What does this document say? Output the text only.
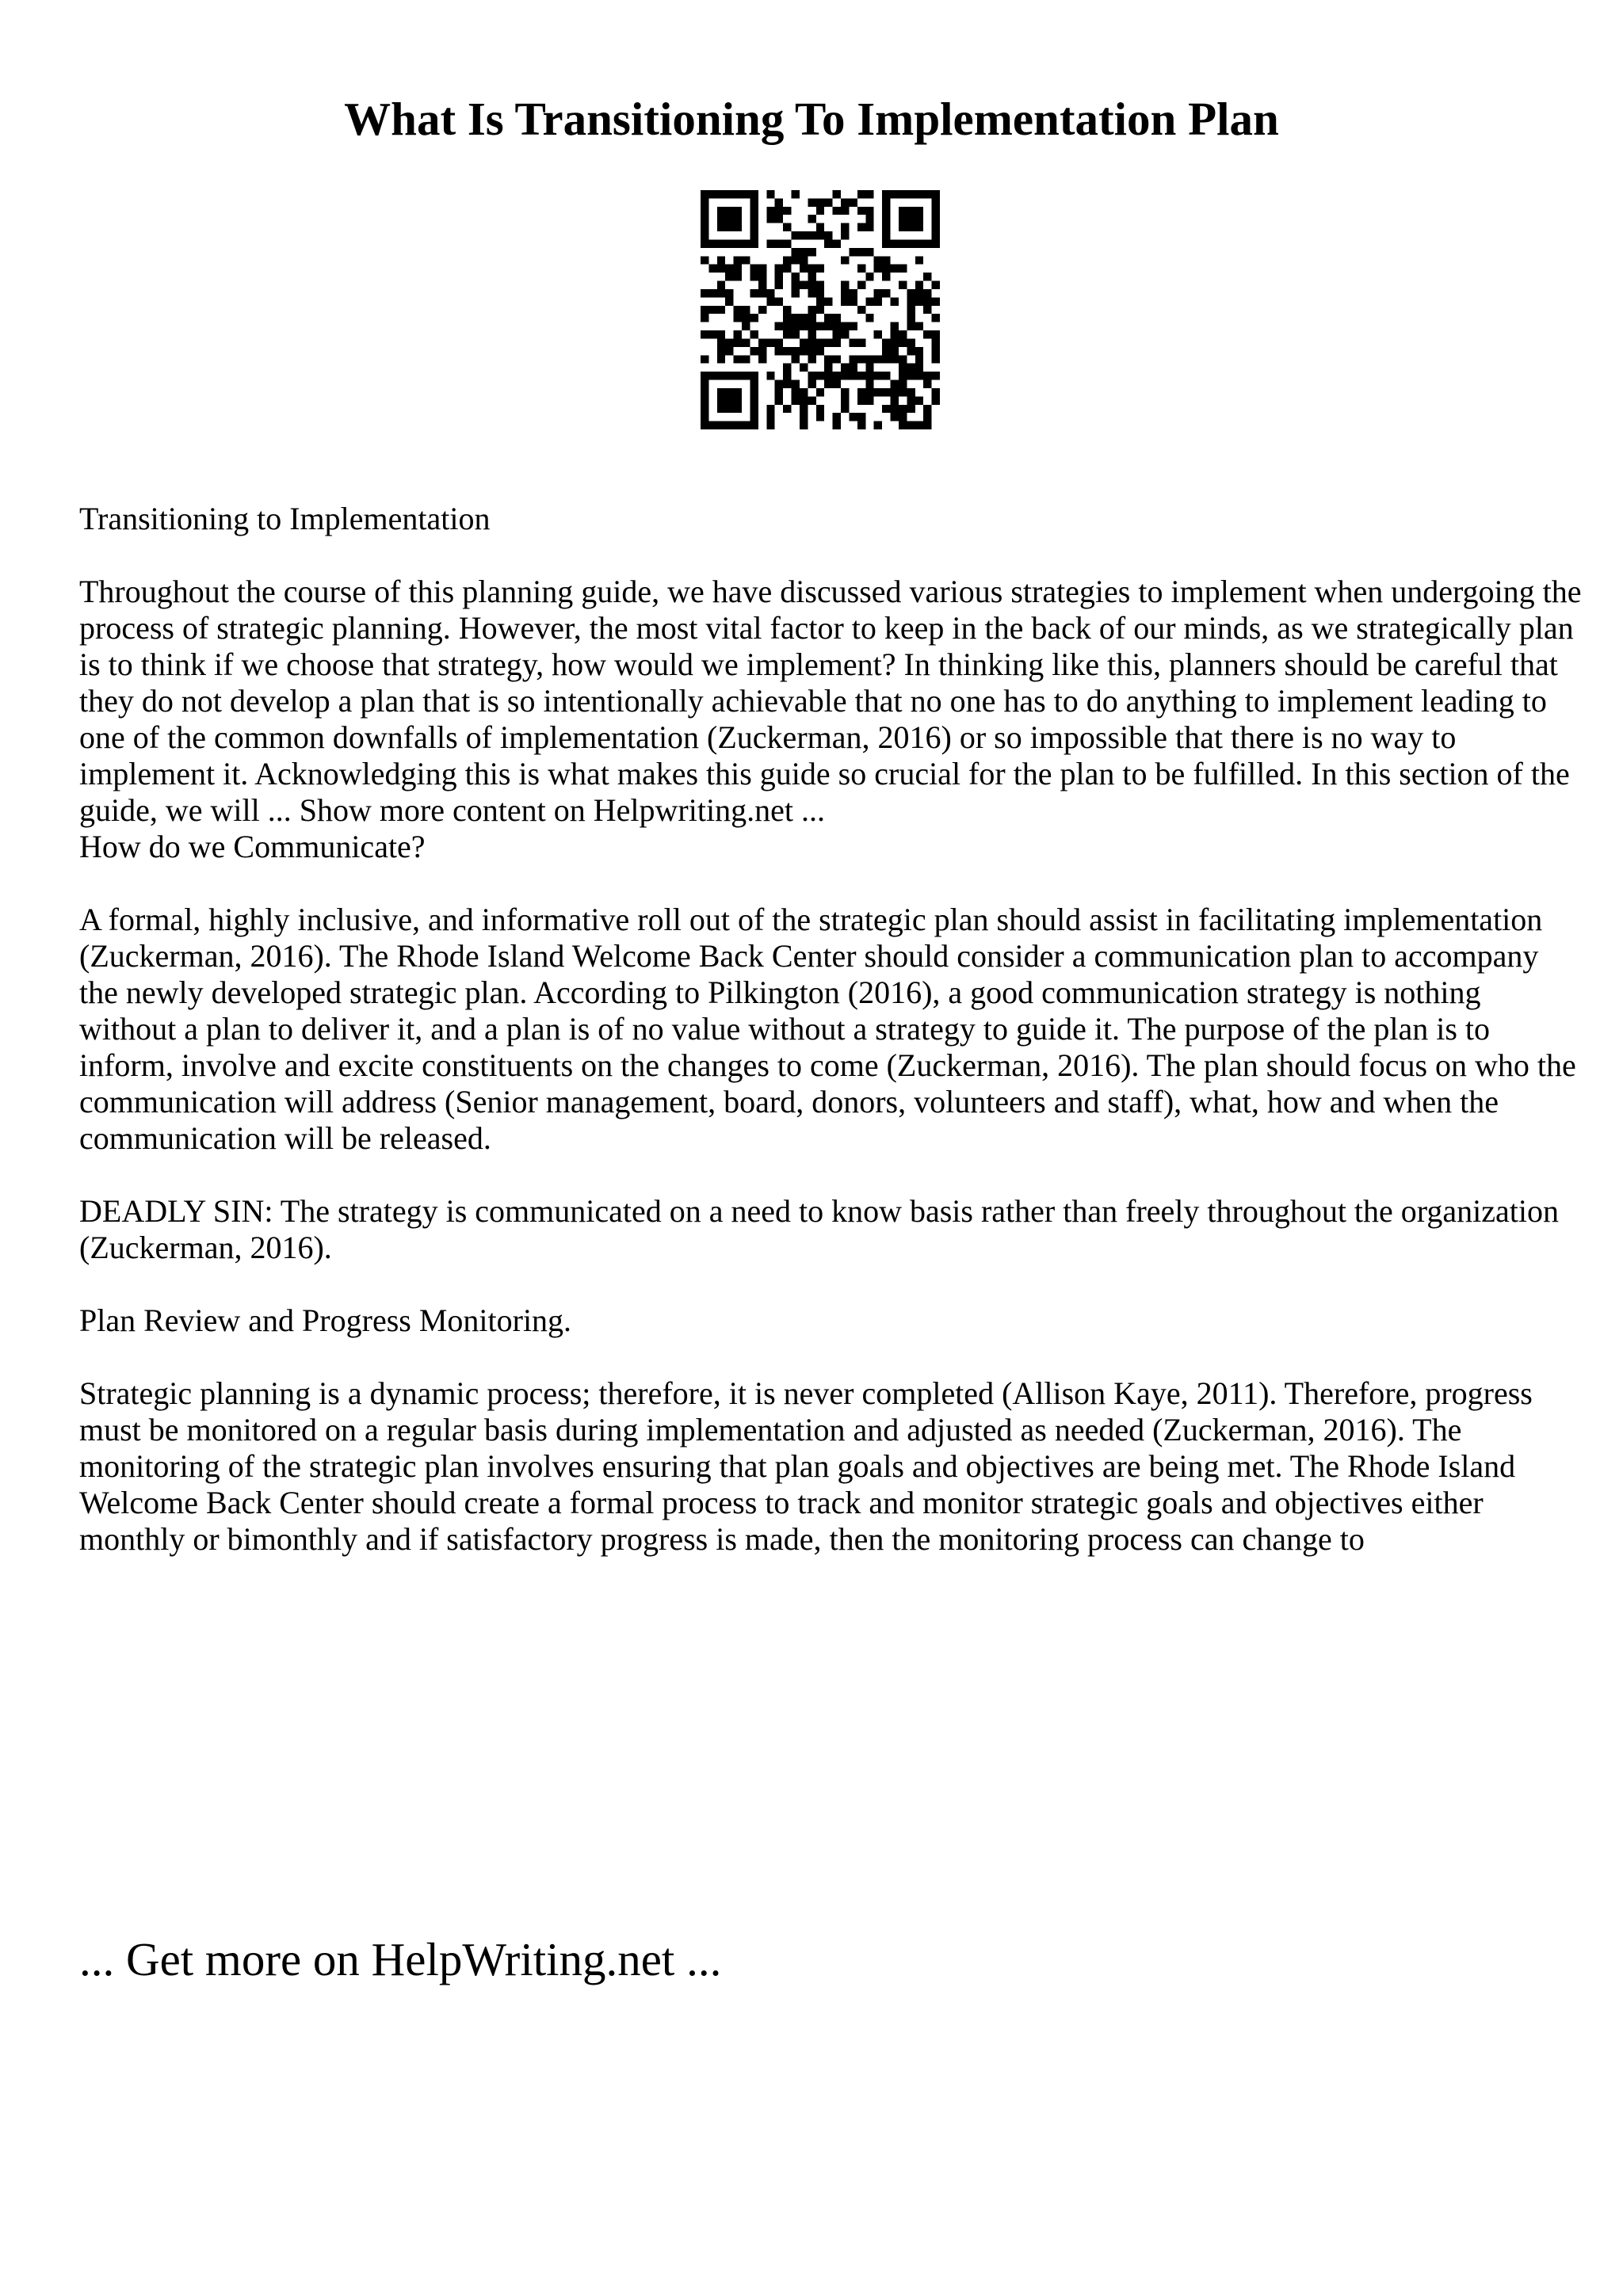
What Is Transitioning To Implementation Plan

Transitioning to Implementation

Throughout the course of this planning guide, we have discussed various strategies to implement when undergoing the process of strategic planning. However, the most vital factor to keep in the back of our minds, as we strategically plan is to think if we choose that strategy, how would we implement? In thinking like this, planners should be careful that they do not develop a plan that is so intentionally achievable that no one has to do anything to implement leading to one of the common downfalls of implementation (Zuckerman, 2016) or so impossible that there is no way to implement it. Acknowledging this is what makes this guide so crucial for the plan to be fulfilled. In this section of the guide, we will ... Show more content on Helpwriting.net ...

How do we Communicate?

A formal, highly inclusive, and informative roll out of the strategic plan should assist in facilitating implementation (Zuckerman, 2016). The Rhode Island Welcome Back Center should consider a communication plan to accompany the newly developed strategic plan. According to Pilkington (2016), a good communication strategy is nothing without a plan to deliver it, and a plan is of no value without a strategy to guide it. The purpose of the plan is to inform, involve and excite constituents on the changes to come (Zuckerman, 2016). The plan should focus on who the communication will address (Senior management, board, donors, volunteers and staff), what, how and when the communication will be released.

DEADLY SIN: The strategy is communicated on a need to know basis rather than freely throughout the organization (Zuckerman, 2016).

Plan Review and Progress Monitoring.

Strategic planning is a dynamic process; therefore, it is never completed (Allison Kaye, 2011). Therefore, progress must be monitored on a regular basis during implementation and adjusted as needed (Zuckerman, 2016). The monitoring of the strategic plan involves ensuring that plan goals and objectives are being met. The Rhode Island Welcome Back Center should create a formal process to track and monitor strategic goals and objectives either monthly or bimonthly and if satisfactory progress is made, then the monitoring process can change to

... Get more on HelpWriting.net ...
